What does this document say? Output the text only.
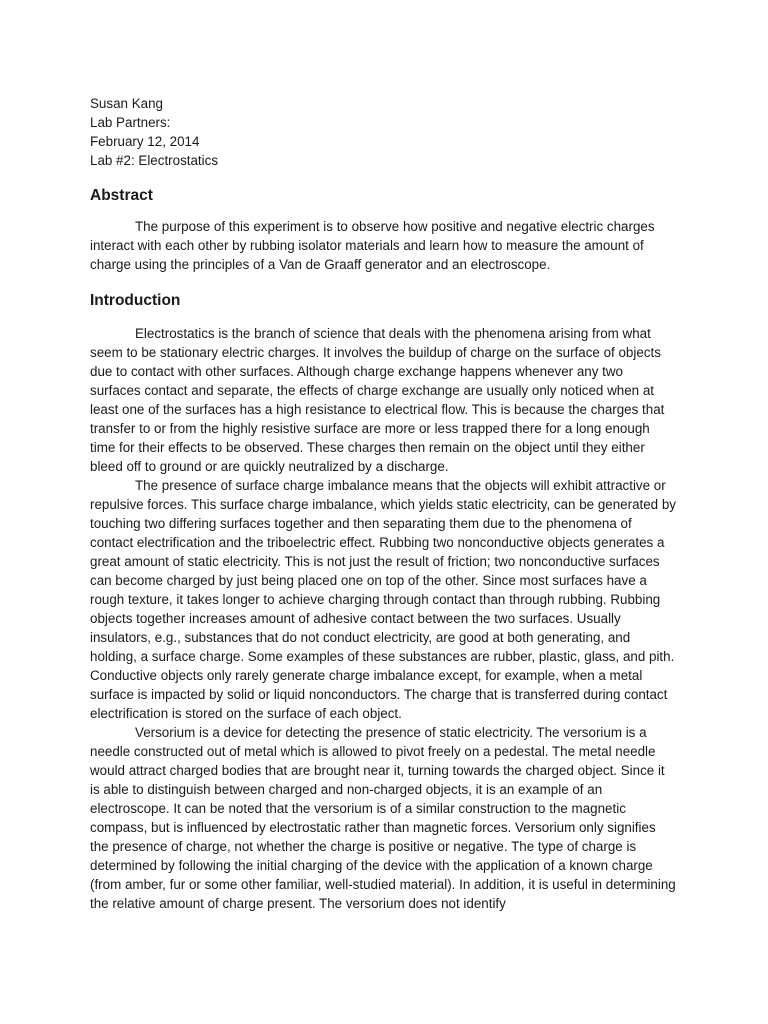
Susan Kang

Lab Partners:

February 12, 2014

Lab #2: Electrostatics

Abstract

The purpose of this experiment is to observe how positive and negative electric charges interact with each other by rubbing isolator materials and learn how to measure the amount of charge using the principles of a Van de Graaff generator and an electroscope.

Introduction

Electrostatics is the branch of science that deals with the phenomena arising from what seem to be stationary electric charges. It involves the buildup of charge on the surface of objects due to contact with other surfaces. Although charge exchange happens whenever any two surfaces contact and separate, the effects of charge exchange are usually only noticed when at least one of the surfaces has a high resistance to electrical flow. This is because the charges that transfer to or from the highly resistive surface are more or less trapped there for a long enough time for their effects to be observed. These charges then remain on the object until they either bleed off to ground or are quickly neutralized by a discharge.

The presence of surface charge imbalance means that the objects will exhibit attractive or repulsive forces. This surface charge imbalance, which yields static electricity, can be generated by touching two differing surfaces together and then separating them due to the phenomena of contact electrification and the triboelectric effect. Rubbing two nonconductive objects generates a great amount of static electricity. This is not just the result of friction; two nonconductive surfaces can become charged by just being placed one on top of the other. Since most surfaces have a rough texture, it takes longer to achieve charging through contact than through rubbing. Rubbing objects together increases amount of adhesive contact between the two surfaces. Usually insulators, e.g., substances that do not conduct electricity, are good at both generating, and holding, a surface charge. Some examples of these substances are rubber, plastic, glass, and pith. Conductive objects only rarely generate charge imbalance except, for example, when a metal surface is impacted by solid or liquid nonconductors. The charge that is transferred during contact electrification is stored on the surface of each object.

Versorium is a device for detecting the presence of static electricity. The versorium is a needle constructed out of metal which is allowed to pivot freely on a pedestal. The metal needle would attract charged bodies that are brought near it, turning towards the charged object. Since it is able to distinguish between charged and non-charged objects, it is an example of an electroscope. It can be noted that the versorium is of a similar construction to the magnetic compass, but is influenced by electrostatic rather than magnetic forces. Versorium only signifies the presence of charge, not whether the charge is positive or negative. The type of charge is determined by following the initial charging of the device with the application of a known charge (from amber, fur or some other familiar, well-studied material). In addition, it is useful in determining the relative amount of charge present. The versorium does not identify
